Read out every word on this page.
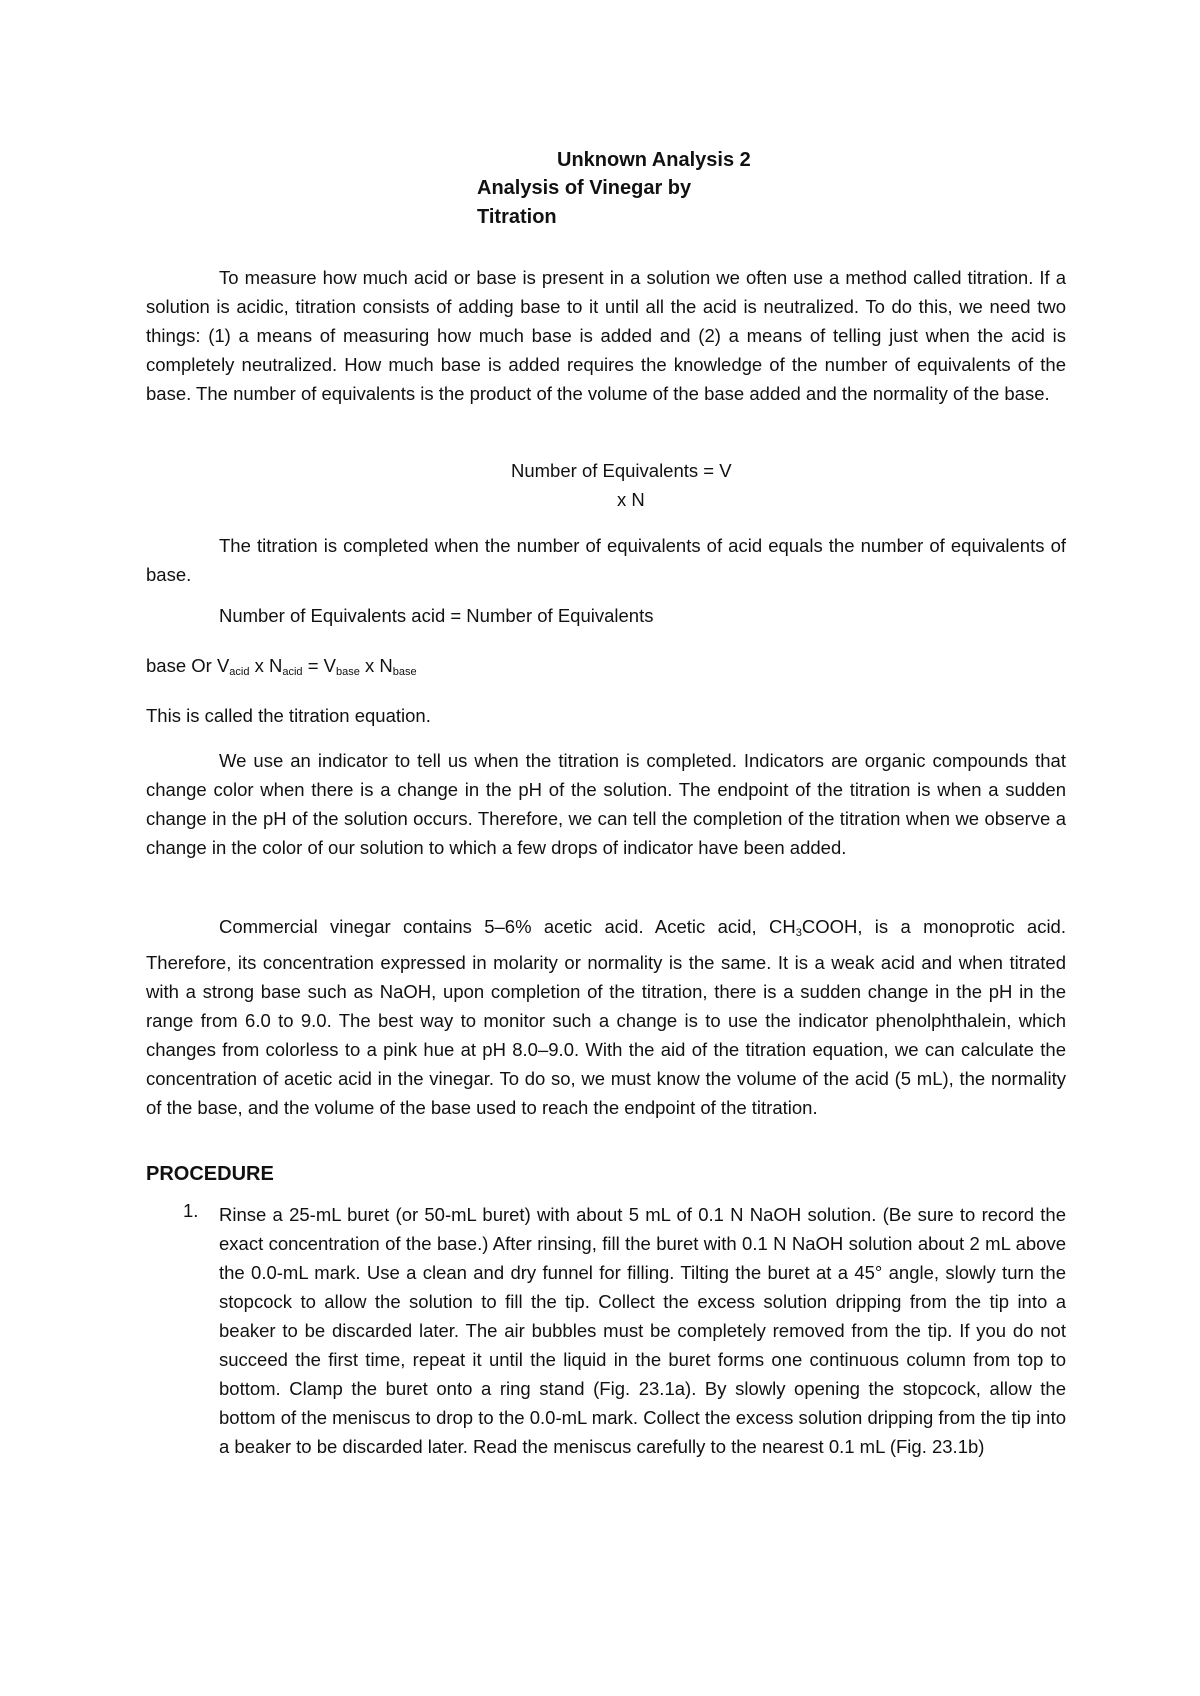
Unknown Analysis 2
Analysis of Vinegar by
Titration

To measure how much acid or base is present in a solution we often use a method called titration. If a solution is acidic, titration consists of adding base to it until all the acid is neutralized. To do this, we need two things: (1) a means of measuring how much base is added and (2) a means of telling just when the acid is completely neutralized. How much base is added requires the knowledge of the number of equivalents of the base. The number of equivalents is the product of the volume of the base added and the normality of the base.

Number of Equivalents = V
x N

The titration is completed when the number of equivalents of acid equals the number of equivalents of base.

Number of Equivalents acid = Number of Equivalents
base Or $V_{acid}$ x $N_{acid} = V_{base}$ x $N_{base}$
This is called the titration equation.

We use an indicator to tell us when the titration is completed. Indicators are organic compounds that change color when there is a change in the pH of the solution. The endpoint of the titration is when a sudden change in the pH of the solution occurs. Therefore, we can tell the completion of the titration when we observe a change in the color of our solution to which a few drops of indicator have been added.

Commercial vinegar contains 5–6% acetic acid. Acetic acid, $CH_3COOH$, is a monoprotic acid. Therefore, its concentration expressed in molarity or normality is the same. It is a weak acid and when titrated with a strong base such as NaOH, upon completion of the titration, there is a sudden change in the pH in the range from 6.0 to 9.0. The best way to monitor such a change is to use the indicator phenolphthalein, which changes from colorless to a pink hue at pH 8.0–9.0. With the aid of the titration equation, we can calculate the concentration of acetic acid in the vinegar. To do so, we must know the volume of the acid (5 mL), the normality of the base, and the volume of the base used to reach the endpoint of the titration.

PROCEDURE
1. Rinse a 25-mL buret (or 50-mL buret) with about 5 mL of 0.1 N NaOH solution. (Be sure to record the exact concentration of the base.) After rinsing, fill the buret with 0.1 N NaOH solution about 2 mL above the 0.0-mL mark. Use a clean and dry funnel for filling. Tilting the buret at a 45° angle, slowly turn the stopcock to allow the solution to fill the tip. Collect the excess solution dripping from the tip into a beaker to be discarded later. The air bubbles must be completely removed from the tip. If you do not succeed the first time, repeat it until the liquid in the buret forms one continuous column from top to bottom. Clamp the buret onto a ring stand (Fig. 23.1a). By slowly opening the stopcock, allow the bottom of the meniscus to drop to the 0.0-mL mark. Collect the excess solution dripping from the tip into a beaker to be discarded later. Read the meniscus carefully to the nearest 0.1 mL (Fig. 23.1b)
